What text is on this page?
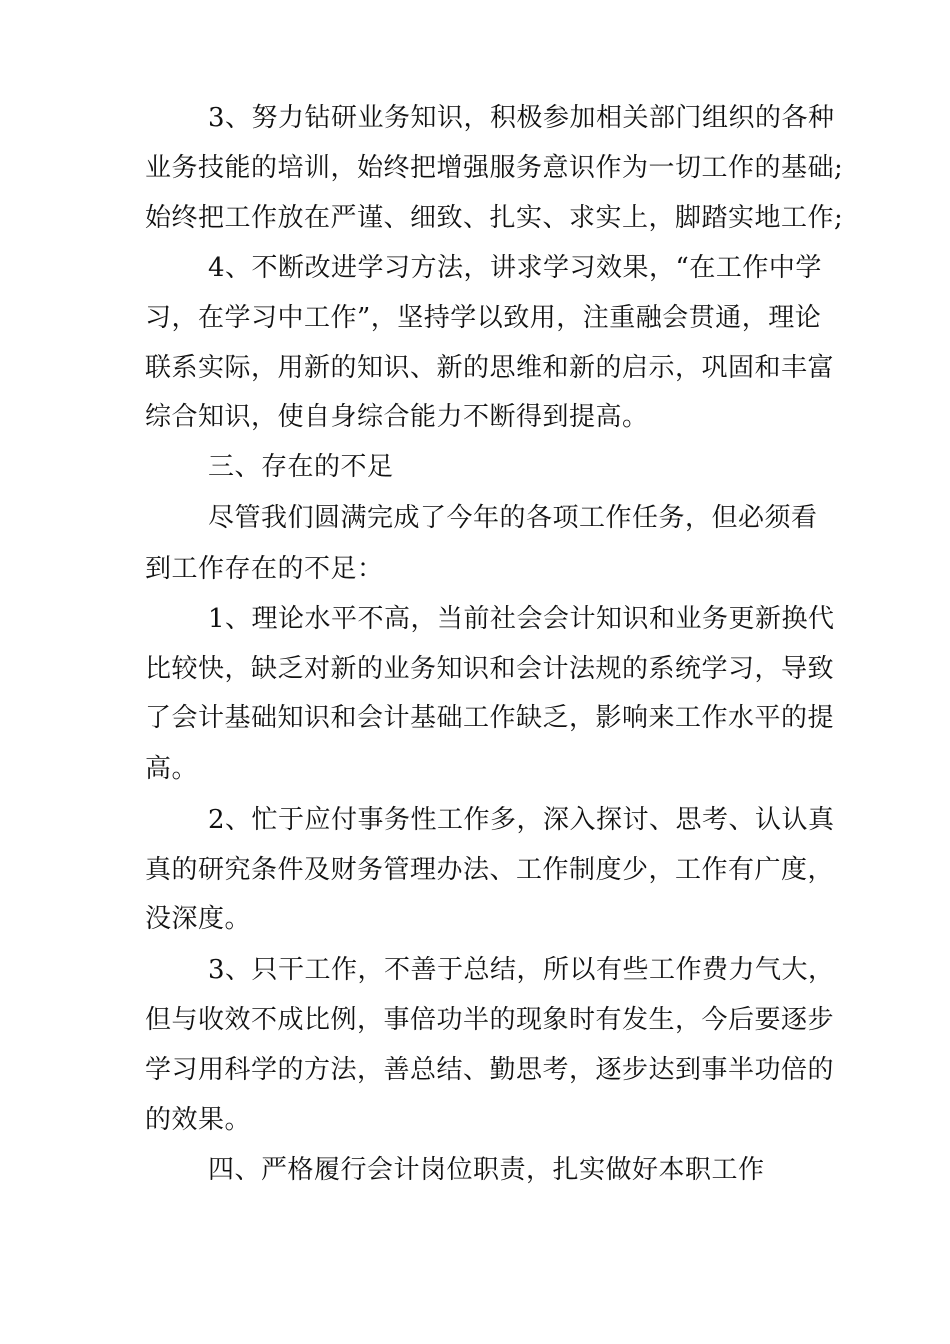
3、努力钻研业务知识，积极参加相关部门组织的各种
业务技能的培训，始终把增强服务意识作为一切工作的基础;
始终把工作放在严谨、细致、扎实、求实上，脚踏实地工作;
4、不断改进学习方法，讲求学习效果，“在工作中学
习，在学习中工作”，坚持学以致用，注重融会贯通，理论
联系实际，用新的知识、新的思维和新的启示，巩固和丰富
综合知识，使自身综合能力不断得到提高。
三、存在的不足
尽管我们圆满完成了今年的各项工作任务，但必须看
到工作存在的不足：
1、理论水平不高，当前社会会计知识和业务更新换代
比较快，缺乏对新的业务知识和会计法规的系统学习，导致
了会计基础知识和会计基础工作缺乏，影响来工作水平的提
高。
2、忙于应付事务性工作多，深入探讨、思考、认认真
真的研究条件及财务管理办法、工作制度少，工作有广度，
没深度。
3、只干工作，不善于总结，所以有些工作费力气大，
但与收效不成比例，事倍功半的现象时有发生，今后要逐步
学习用科学的方法，善总结、勤思考，逐步达到事半功倍的
的效果。
四、严格履行会计岗位职责，扎实做好本职工作
